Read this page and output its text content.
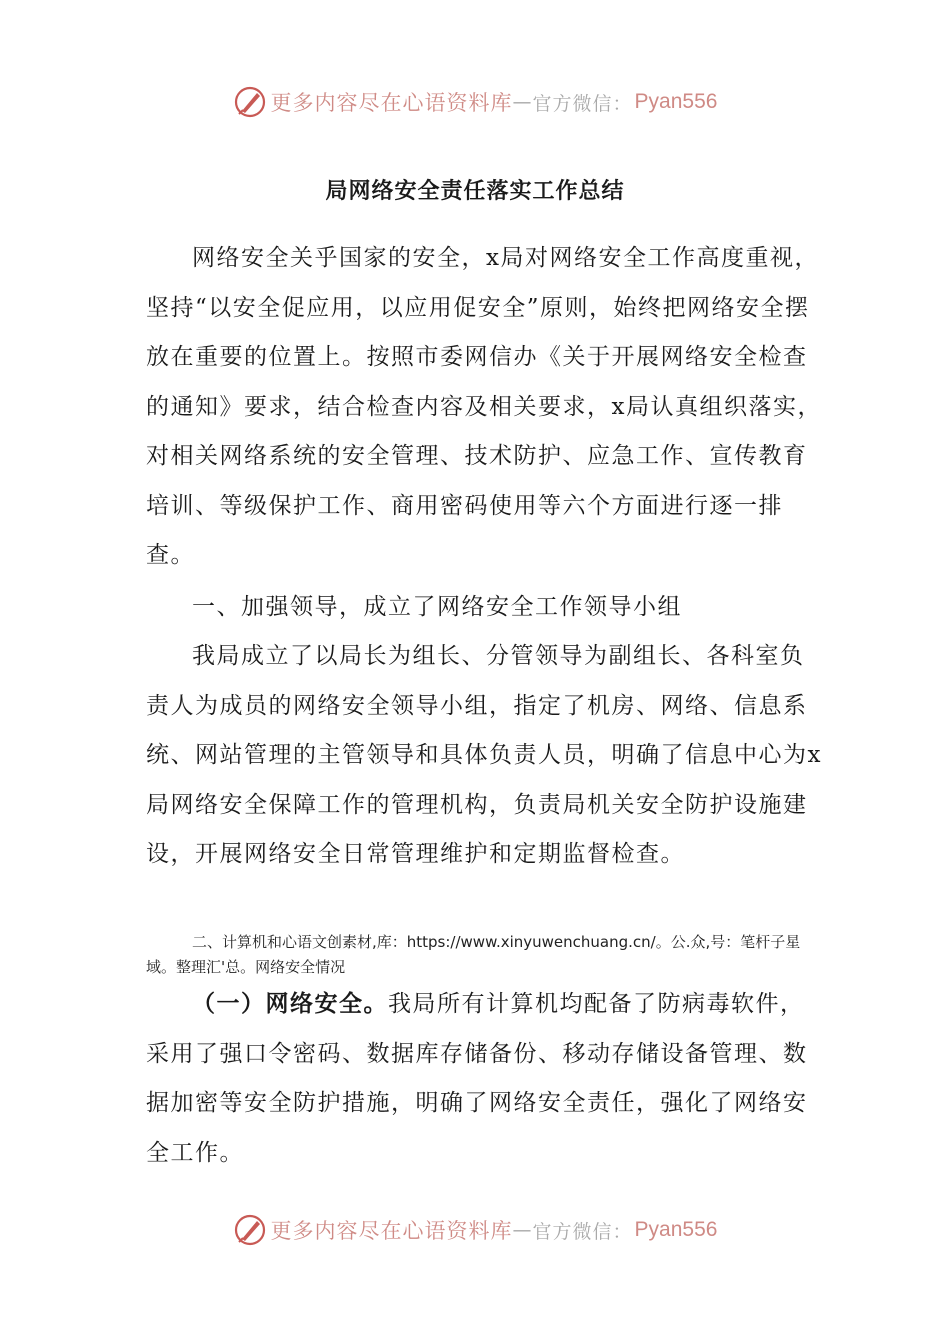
更多内容尽在心语资料库 — 官方微信： Pyan556
局网络安全责任落实工作总结

网络安全关乎国家的安全，x局对网络安全工作高度重视，坚持“以安全促应用，以应用促安全”原则，始终把网络安全摆放在重要的位置上。按照市委网信办《关于开展网络安全检查的通知》要求，结合检查内容及相关要求，x局认真组织落实，对相关网络系统的安全管理、技术防护、应急工作、宣传教育培训、等级保护工作、商用密码使用等六个方面进行逐一排查。

一、加强领导，成立了网络安全工作领导小组

我局成立了以局长为组长、分管领导为副组长、各科室负责人为成员的网络安全领导小组，指定了机房、网络、信息系统、网站管理的主管领导和具体负责人员，明确了信息中心为x局网络安全保障工作的管理机构，负责局机关安全防护设施建设，开展网络安全日常管理维护和定期监督检查。

二、计算机和心语文创素材,库：https://www.xinyuwenchuang.cn/。公.众,号：笔杆子星域。整理汇'总。网络安全情况

（一）网络安全。我局所有计算机均配备了防病毒软件，采用了强口令密码、数据库存储备份、移动存储设备管理、数据加密等安全防护措施，明确了网络安全责任，强化了网络安全工作。

更多内容尽在心语资料库 — 官方微信： Pyan556
